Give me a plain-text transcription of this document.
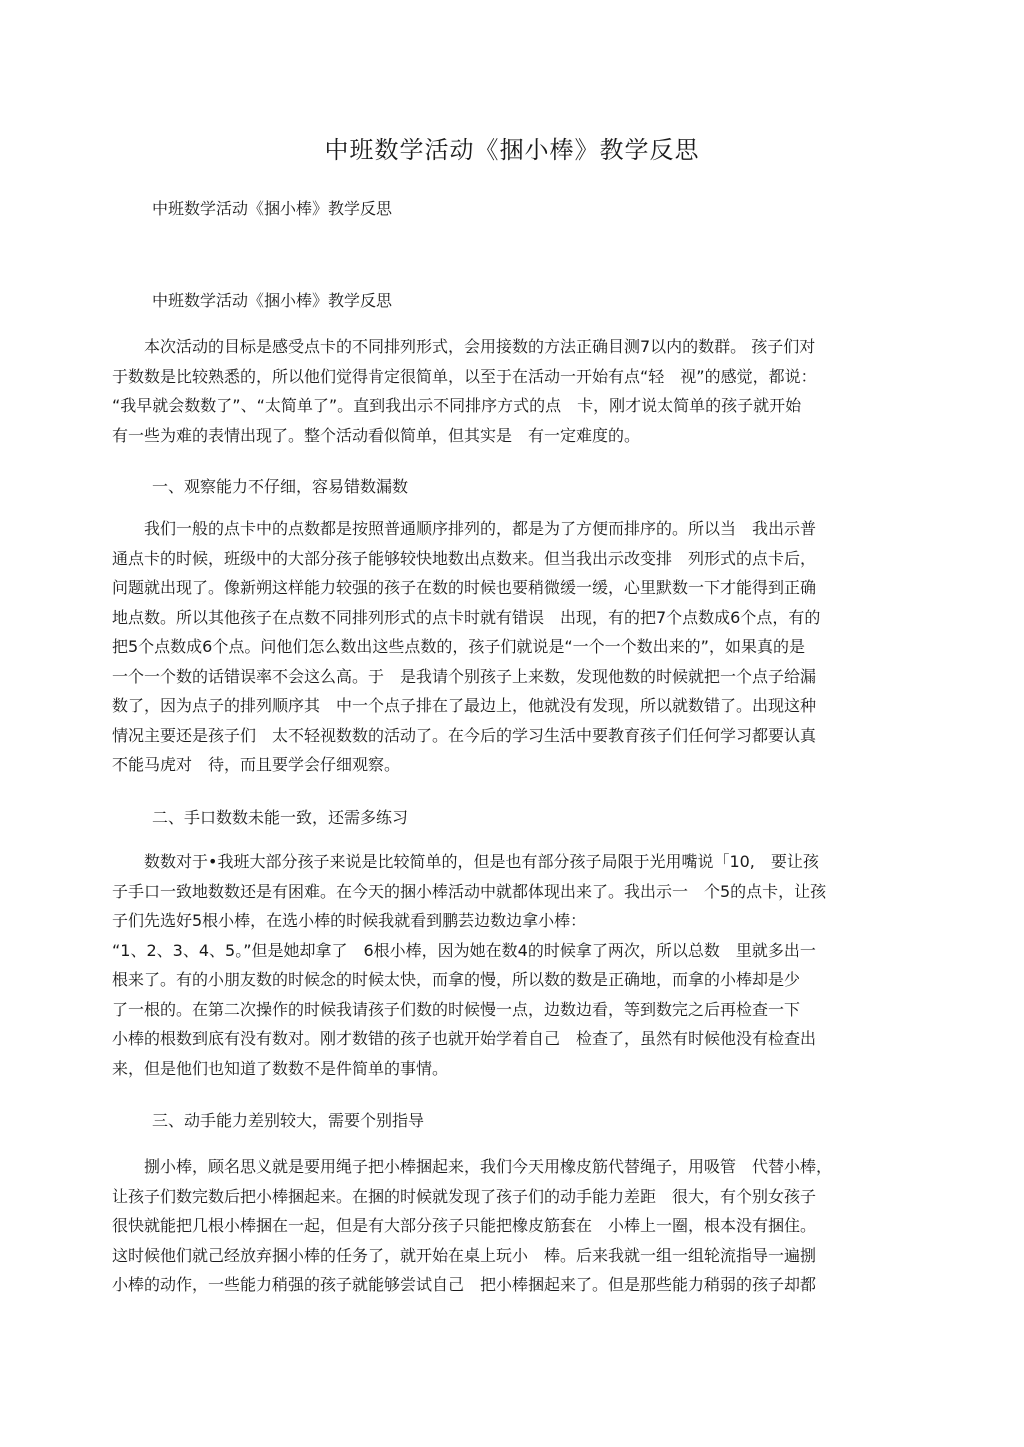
中班数学活动《捆小棒》教学反思
中班数学活动《捆小棒》教学反思
中班数学活动《捆小棒》教学反思
　　本次活动的目标是感受点卡的不同排列形式，会用接数的方法正确目测7以内的数群。 孩子们对
于数数是比较熟悉的，所以他们觉得肯定很简单，以至于在活动一开始有点“轻　视”的感觉，都说：
“我早就会数数了”、“太简单了”。直到我出示不同排序方式的点　卡，刚才说太简单的孩子就开始
有一些为难的表情出现了。整个活动看似简单，但其实是　有一定难度的。
一、观察能力不仔细，容易错数漏数
　　我们一般的点卡中的点数都是按照普通顺序排列的，都是为了方便而排序的。所以当　我出示普
通点卡的时候，班级中的大部分孩子能够较快地数出点数来。但当我出示改变排　列形式的点卡后，
问题就出现了。像新朔这样能力较强的孩子在数的时候也要稍微缓一缓，心里默数一下才能得到正确
地点数。所以其他孩子在点数不同排列形式的点卡时就有错误　出现，有的把7个点数成6个点，有的
把5个点数成6个点。问他们怎么数出这些点数的，孩子们就说是“一个一个数出来的”，如果真的是
一个一个数的话错误率不会这么高。于　是我请个别孩子上来数，发现他数的时候就把一个点子给漏
数了，因为点子的排列顺序其　中一个点子排在了最边上，他就没有发现，所以就数错了。出现这种
情况主要还是孩子们　太不轻视数数的活动了。在今后的学习生活中要教育孩子们任何学习都要认真
不能马虎对　待，而且要学会仔细观察。
二、手口数数未能一致，还需多练习
　　数数对于•我班大部分孩子来说是比较简单的，但是也有部分孩子局限于光用嘴说「10,　要让孩
子手口一致地数数还是有困难。在今天的捆小棒活动中就都体现出来了。我出示一　个5的点卡，让孩
子们先选好5根小棒，在选小棒的时候我就看到鹏芸边数边拿小棒：
“1、2、3、4、5。”但是她却拿了　6根小棒，因为她在数4的时候拿了两次，所以总数　里就多出一
根来了。有的小朋友数的时候念的时候太快，而拿的慢，所以数的数是正确地，而拿的小棒却是少
了一根的。在第二次操作的时候我请孩子们数的时候慢一点，边数边看，等到数完之后再检查一下
小棒的根数到底有没有数对。刚才数错的孩子也就开始学着自己　检查了，虽然有时候他没有检查出
来，但是他们也知道了数数不是件简单的事情。
三、动手能力差别较大，需要个别指导
　　捌小棒，顾名思义就是要用绳子把小棒捆起来，我们今天用橡皮筋代替绳子，用吸管　代替小棒，
让孩子们数完数后把小棒捆起来。在捆的时候就发现了孩子们的动手能力差距　很大，有个别女孩子
很快就能把几根小棒捆在一起，但是有大部分孩子只能把橡皮筋套在　小棒上一圈，根本没有捆住。
这时候他们就己经放弃捆小棒的任务了，就开始在桌上玩小　棒。后来我就一组一组轮流指导一遍捌
小棒的动作，一些能力稍强的孩子就能够尝试自己　把小棒捆起来了。但是那些能力稍弱的孩子却都
